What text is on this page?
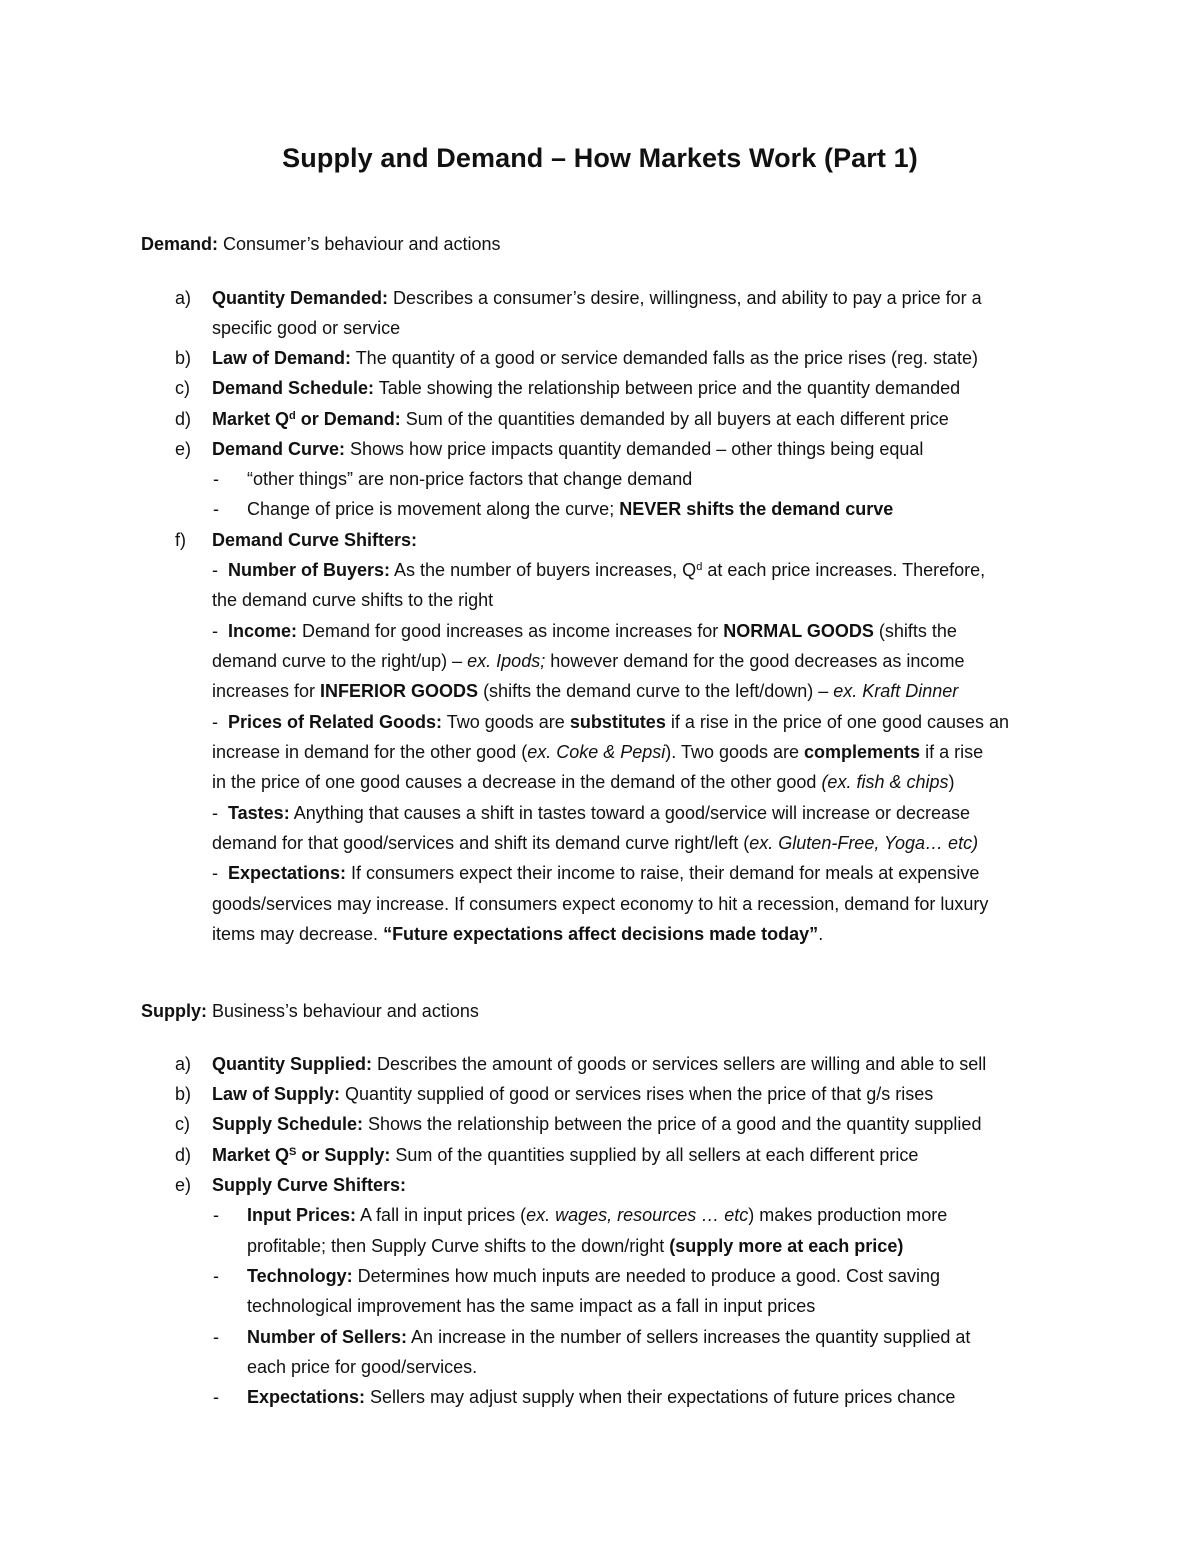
Supply and Demand – How Markets Work (Part 1)
Demand: Consumer’s behaviour and actions
a) Quantity Demanded: Describes a consumer’s desire, willingness, and ability to pay a price for a
specific good or service
b) Law of Demand: The quantity of a good or service demanded falls as the price rises (reg. state)
c) Demand Schedule: Table showing the relationship between price and the quantity demanded
d) Market $Q^d$ or Demand: Sum of the quantities demanded by all buyers at each different price
e) Demand Curve: Shows how price impacts quantity demanded – other things being equal
- “other things” are non-price factors that change demand
- Change of price is movement along the curve; NEVER shifts the demand curve
f) Demand Curve Shifters:
-  Number of Buyers: As the number of buyers increases, $Q^d$ at each price increases. Therefore,
the demand curve shifts to the right
-  Income: Demand for good increases as income increases for NORMAL GOODS (shifts the
demand curve to the right/up) – ex. Ipods; however demand for the good decreases as income
increases for INFERIOR GOODS (shifts the demand curve to the left/down) – ex. Kraft Dinner
-  Prices of Related Goods: Two goods are substitutes if a rise in the price of one good causes an
increase in demand for the other good (ex. Coke & Pepsi). Two goods are complements if a rise
in the price of one good causes a decrease in the demand of the other good (ex. fish & chips)
-  Tastes: Anything that causes a shift in tastes toward a good/service will increase or decrease
demand for that good/services and shift its demand curve right/left (ex. Gluten-Free, Yoga… etc)
-  Expectations: If consumers expect their income to raise, their demand for meals at expensive
goods/services may increase. If consumers expect economy to hit a recession, demand for luxury
items may decrease. “Future expectations affect decisions made today”.
Supply: Business’s behaviour and actions
a) Quantity Supplied: Describes the amount of goods or services sellers are willing and able to sell
b) Law of Supply: Quantity supplied of good or services rises when the price of that g/s rises
c) Supply Schedule: Shows the relationship between the price of a good and the quantity supplied
d) Market $Q^S$ or Supply: Sum of the quantities supplied by all sellers at each different price
e) Supply Curve Shifters:
- Input Prices: A fall in input prices (ex. wages, resources … etc) makes production more
profitable; then Supply Curve shifts to the down/right (supply more at each price)
- Technology: Determines how much inputs are needed to produce a good. Cost saving
technological improvement has the same impact as a fall in input prices
- Number of Sellers: An increase in the number of sellers increases the quantity supplied at
each price for good/services.
- Expectations: Sellers may adjust supply when their expectations of future prices chance
